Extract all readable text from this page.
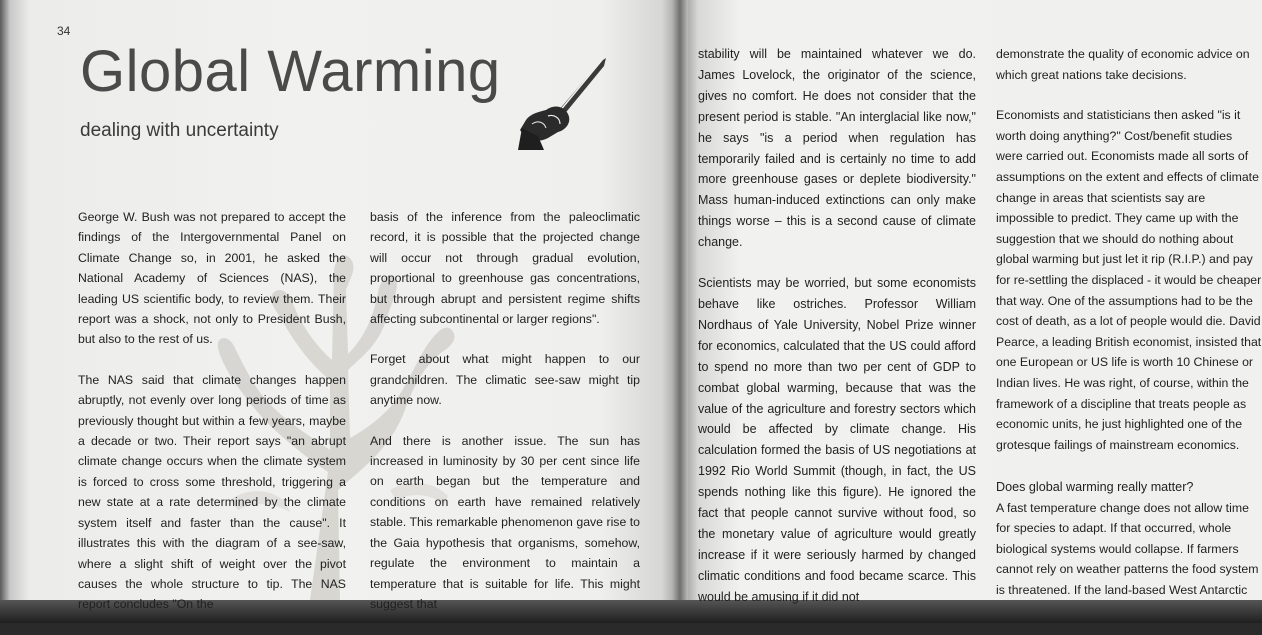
34
Global Warming
dealing with uncertainty

George W. Bush was not prepared to accept the findings of the Intergovernmental Panel on Climate Change so, in 2001, he asked the National Academy of Sciences (NAS), the leading US scientific body, to review them. Their report was a shock, not only to President Bush, but also to the rest of us.

The NAS said that climate changes happen abruptly, not evenly over long periods of time as previously thought but within a few years, maybe a decade or two. Their report says "an abrupt climate change occurs when the climate system is forced to cross some threshold, triggering a new state at a rate determined by the climate system itself and faster than the cause". It illustrates this with the diagram of a see-saw, where a slight shift of weight over the pivot causes the whole structure to tip. The NAS report concludes "On the

basis of the inference from the paleoclimatic record, it is possible that the projected change will occur not through gradual evolution, proportional to greenhouse gas concentrations, but through abrupt and persistent regime shifts affecting subcontinental or larger regions".

Forget about what might happen to our grandchildren. The climatic see-saw might tip anytime now.

And there is another issue. The sun has increased in luminosity by 30 per cent since life on earth began but the temperature and conditions on earth have remained relatively stable. This remarkable phenomenon gave rise to the Gaia hypothesis that organisms, somehow, regulate the environment to maintain a temperature that is suitable for life. This might suggest that

stability will be maintained whatever we do. James Lovelock, the originator of the science, gives no comfort. He does not consider that the present period is stable. "An interglacial like now," he says "is a period when regulation has temporarily failed and is certainly no time to add more greenhouse gases or deplete biodiversity." Mass human-induced extinctions can only make things worse – this is a second cause of climate change.

Scientists may be worried, but some economists behave like ostriches. Professor William Nordhaus of Yale University, Nobel Prize winner for economics, calculated that the US could afford to spend no more than two per cent of GDP to combat global warming, because that was the value of the agriculture and forestry sectors which would be affected by climate change. His calculation formed the basis of US negotiations at 1992 Rio World Summit (though, in fact, the US spends nothing like this figure). He ignored the fact that people cannot survive without food, so the monetary value of agriculture would greatly increase if it were seriously harmed by changed climatic conditions and food became scarce. This would be amusing if it did not

demonstrate the quality of economic advice on which great nations take decisions.

Economists and statisticians then asked "is it worth doing anything?" Cost/benefit studies were carried out. Economists made all sorts of assumptions on the extent and effects of climate change in areas that scientists say are impossible to predict. They came up with the suggestion that we should do nothing about global warming but just let it rip (R.I.P.) and pay for re-settling the displaced - it would be cheaper that way. One of the assumptions had to be the cost of death, as a lot of people would die. David Pearce, a leading British economist, insisted that one European or US life is worth 10 Chinese or Indian lives. He was right, of course, within the framework of a discipline that treats people as economic units, he just highlighted one of the grotesque failings of mainstream economics.

Does global warming really matter?

A fast temperature change does not allow time for species to adapt. If that occurred, whole biological systems would collapse. If farmers cannot rely on weather patterns the food system is threatened. If the land-based West Antarctic
